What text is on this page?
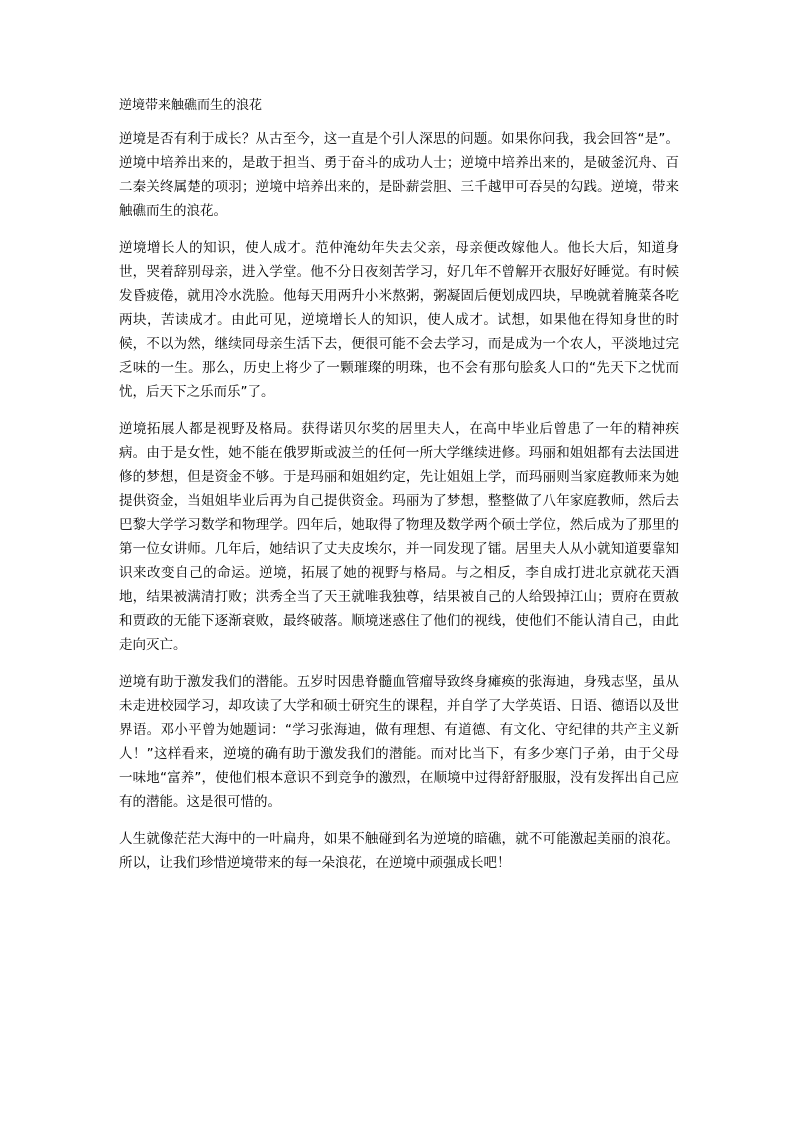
逆境带来触礁而生的浪花

逆境是否有利于成长？从古至今，这一直是个引人深思的问题。如果你问我，我会回答“是”。逆境中培养出来的，是敢于担当、勇于奋斗的成功人士；逆境中培养出来的，是破釜沉舟、百二秦关终属楚的项羽；逆境中培养出来的，是卧薪尝胆、三千越甲可吞吴的勾践。逆境，带来触礁而生的浪花。

逆境增长人的知识，使人成才。范仲淹幼年失去父亲，母亲便改嫁他人。他长大后，知道身世，哭着辞别母亲，进入学堂。他不分日夜刻苦学习，好几年不曾解开衣服好好睡觉。有时候发昏疲倦，就用冷水洗脸。他每天用两升小米熬粥，粥凝固后便划成四块，早晚就着腌菜各吃两块，苦读成才。由此可见，逆境增长人的知识，使人成才。试想，如果他在得知身世的时候，不以为然，继续同母亲生活下去，便很可能不会去学习，而是成为一个农人，平淡地过完乏味的一生。那么，历史上将少了一颗璀璨的明珠，也不会有那句脍炙人口的“先天下之忧而忧，后天下之乐而乐”了。

逆境拓展人都是视野及格局。获得诺贝尔奖的居里夫人，在高中毕业后曾患了一年的精神疾病。由于是女性，她不能在俄罗斯或波兰的任何一所大学继续进修。玛丽和姐姐都有去法国进修的梦想，但是资金不够。于是玛丽和姐姐约定，先让姐姐上学，而玛丽则当家庭教师来为她提供资金，当姐姐毕业后再为自己提供资金。玛丽为了梦想，整整做了八年家庭教师，然后去巴黎大学学习数学和物理学。四年后，她取得了物理及数学两个硕士学位，然后成为了那里的第一位女讲师。几年后，她结识了丈夫皮埃尔，并一同发现了镭。居里夫人从小就知道要靠知识来改变自己的命运。逆境，拓展了她的视野与格局。与之相反，李自成打进北京就花天酒地，结果被满清打败；洪秀全当了天王就唯我独尊，结果被自己的人给毁掉江山；贾府在贾赦和贾政的无能下逐渐衰败，最终破落。顺境迷惑住了他们的视线，使他们不能认清自己，由此走向灭亡。

逆境有助于激发我们的潜能。五岁时因患脊髓血管瘤导致终身瘫痪的张海迪，身残志坚，虽从未走进校园学习，却攻读了大学和硕士研究生的课程，并自学了大学英语、日语、德语以及世界语。邓小平曾为她题词：“学习张海迪，做有理想、有道德、有文化、守纪律的共产主义新人！”这样看来，逆境的确有助于激发我们的潜能。而对比当下，有多少寒门子弟，由于父母一味地“富养”，使他们根本意识不到竞争的激烈，在顺境中过得舒舒服服，没有发挥出自己应有的潜能。这是很可惜的。

人生就像茫茫大海中的一叶扁舟，如果不触碰到名为逆境的暗礁，就不可能激起美丽的浪花。所以，让我们珍惜逆境带来的每一朵浪花，在逆境中顽强成长吧！
